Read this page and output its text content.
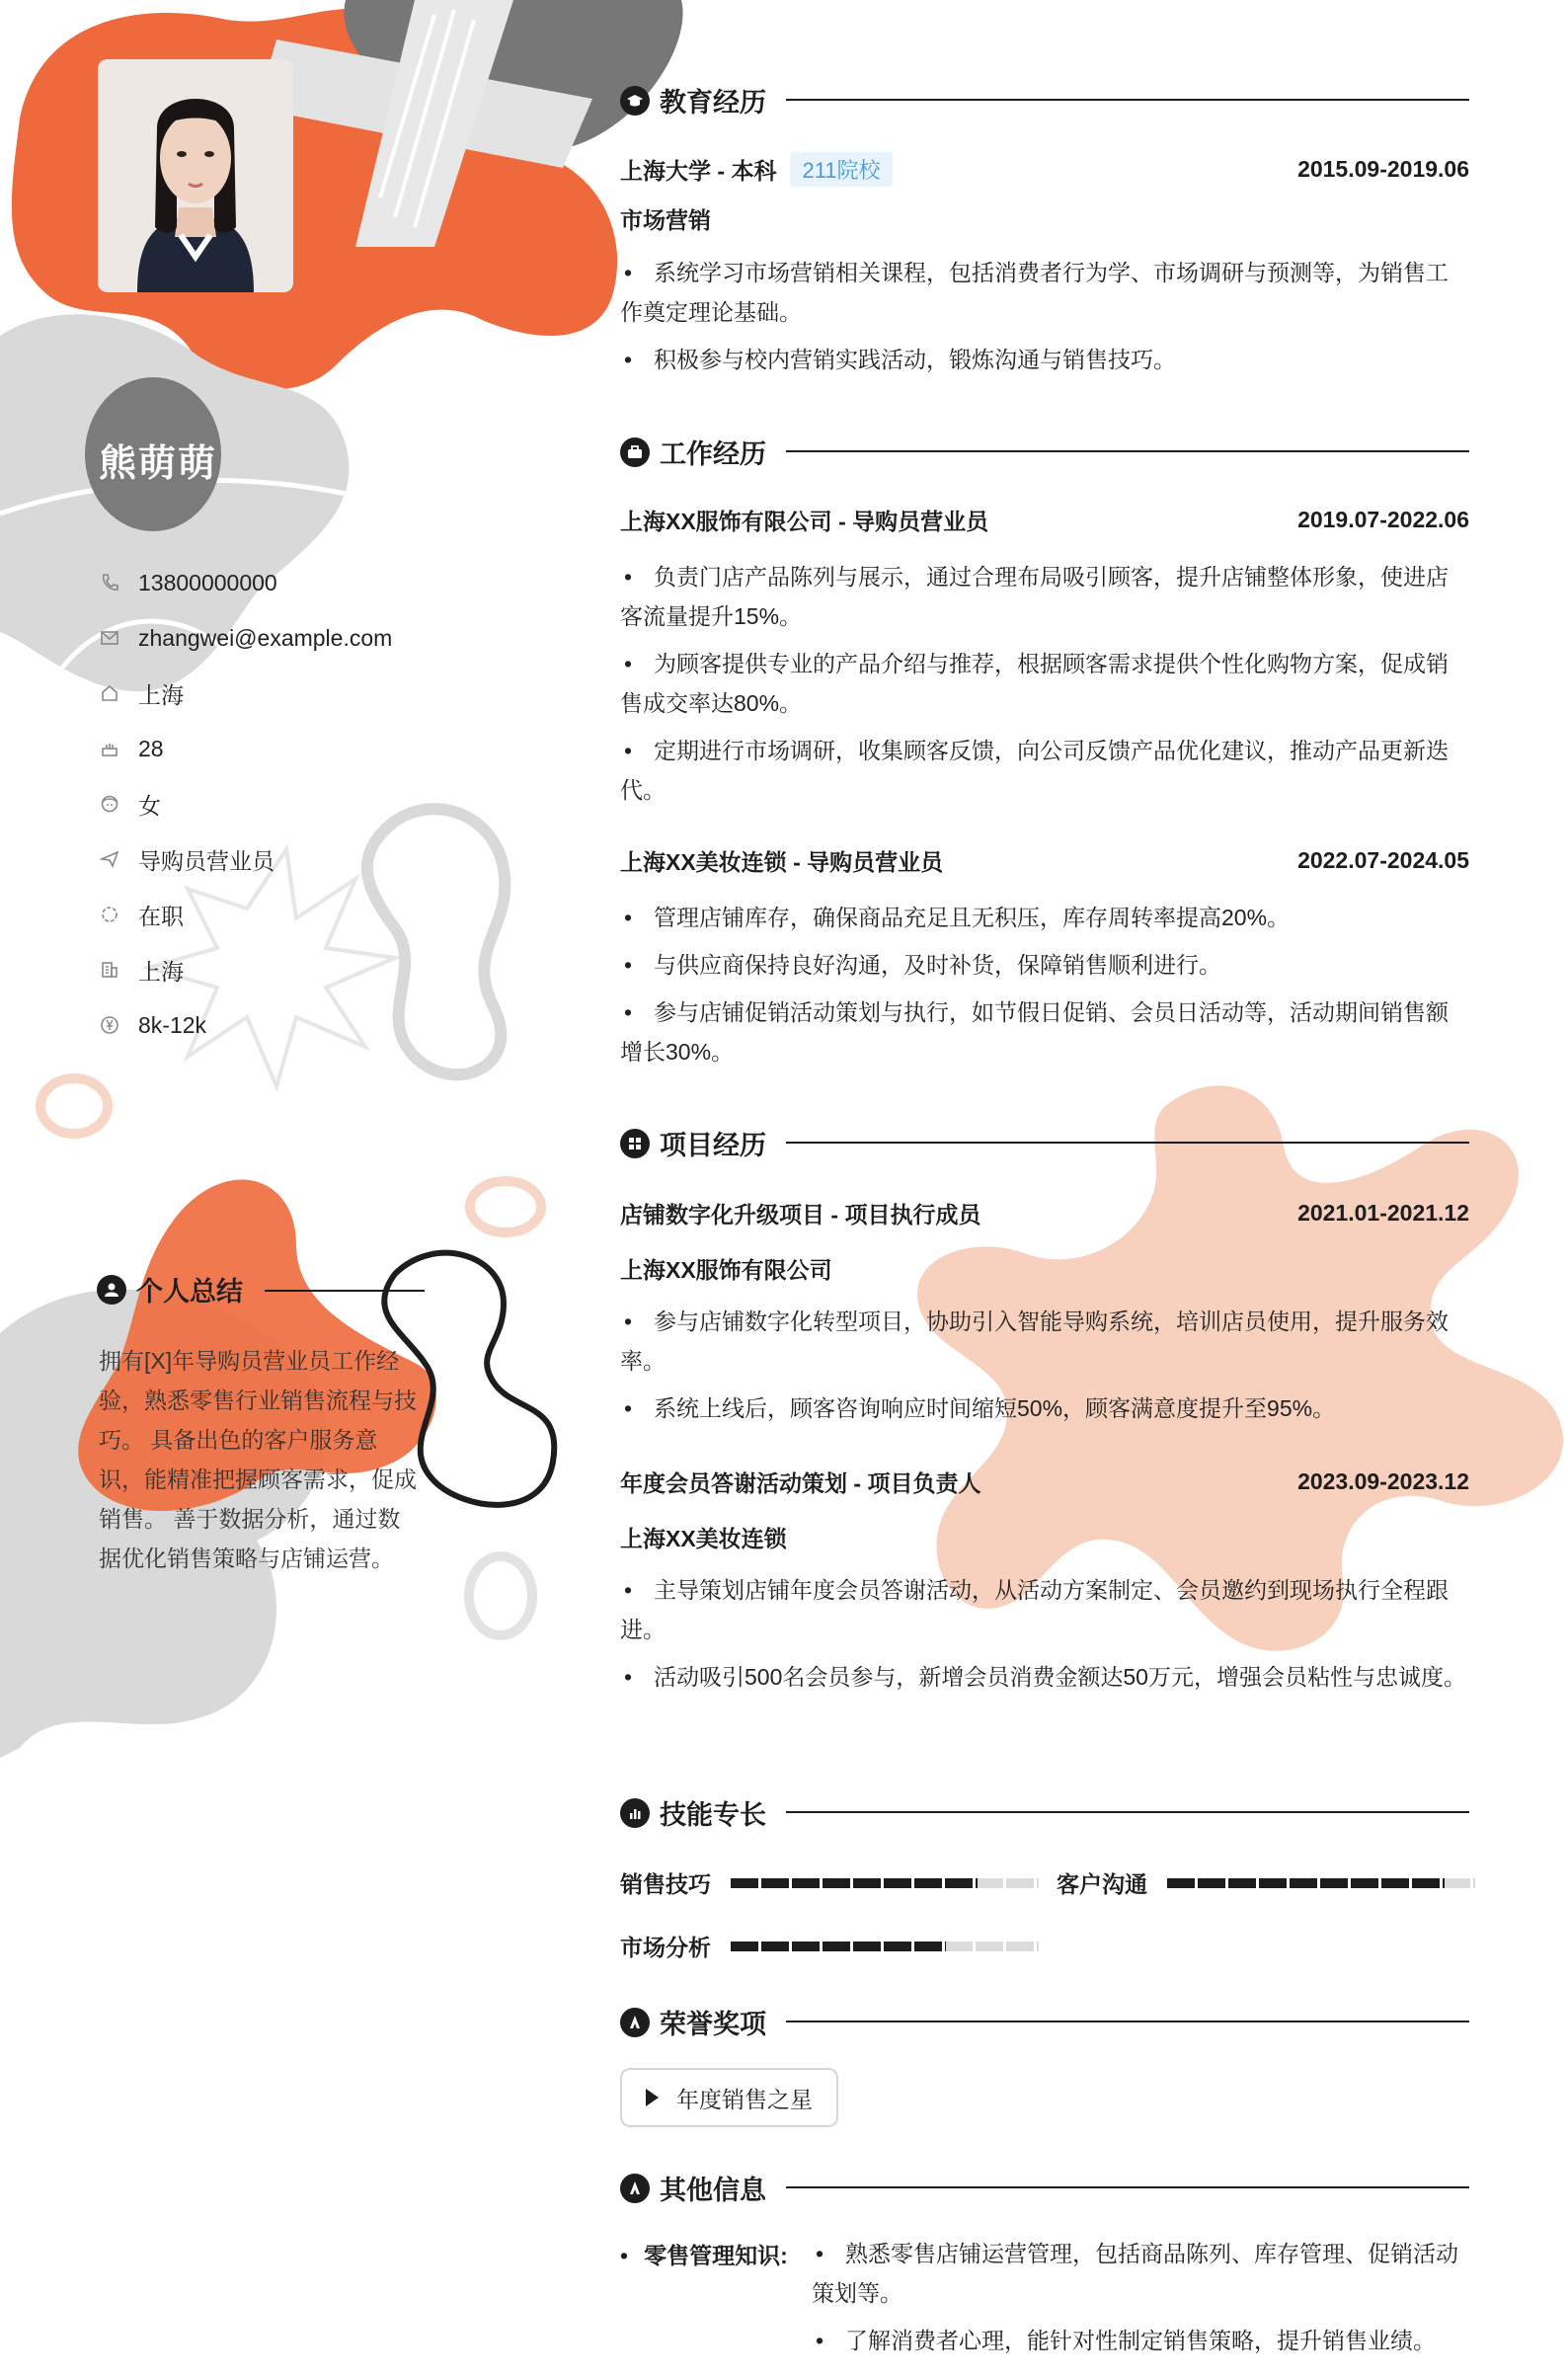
熊萌萌
13800000000
zhangwei@example.com
上海
28
女
导购员营业员
在职
上海
8k-12k
个人总结
拥有[X]年导购员营业员工作经验，熟悉零售行业销售流程与技巧。 具备出色的客户服务意识，能精准把握顾客需求，促成销售。 善于数据分析，通过数据优化销售策略与店铺运营。
教育经历
上海大学 - 本科	211院校	2015.09-2019.06
市场营销
• 系统学习市场营销相关课程，包括消费者行为学、市场调研与预测等，为销售工作奠定理论基础。
• 积极参与校内营销实践活动，锻炼沟通与销售技巧。
工作经历
上海XX服饰有限公司 - 导购员营业员	2019.07-2022.06
• 负责门店产品陈列与展示，通过合理布局吸引顾客，提升店铺整体形象，使进店客流量提升15%。
• 为顾客提供专业的产品介绍与推荐，根据顾客需求提供个性化购物方案，促成销售成交率达80%。
• 定期进行市场调研，收集顾客反馈，向公司反馈产品优化建议，推动产品更新迭代。
上海XX美妆连锁 - 导购员营业员	2022.07-2024.05
• 管理店铺库存，确保商品充足且无积压，库存周转率提高20%。
• 与供应商保持良好沟通，及时补货，保障销售顺利进行。
• 参与店铺促销活动策划与执行，如节假日促销、会员日活动等，活动期间销售额增长30%。
项目经历
店铺数字化升级项目 - 项目执行成员	2021.01-2021.12
上海XX服饰有限公司
• 参与店铺数字化转型项目，协助引入智能导购系统，培训店员使用，提升服务效率。
• 系统上线后，顾客咨询响应时间缩短50%，顾客满意度提升至95%。
年度会员答谢活动策划 - 项目负责人	2023.09-2023.12
上海XX美妆连锁
• 主导策划店铺年度会员答谢活动，从活动方案制定、会员邀约到现场执行全程跟进。
• 活动吸引500名会员参与，新增会员消费金额达50万元，增强会员粘性与忠诚度。
技能专长
销售技巧	客户沟通
市场分析
荣誉奖项
年度销售之星
其他信息
• 零售管理知识:
•	熟悉零售店铺运营管理，包括商品陈列、库存管理、促销活动策划等。
• 了解消费者心理，能针对性制定销售策略，提升销售业绩。
